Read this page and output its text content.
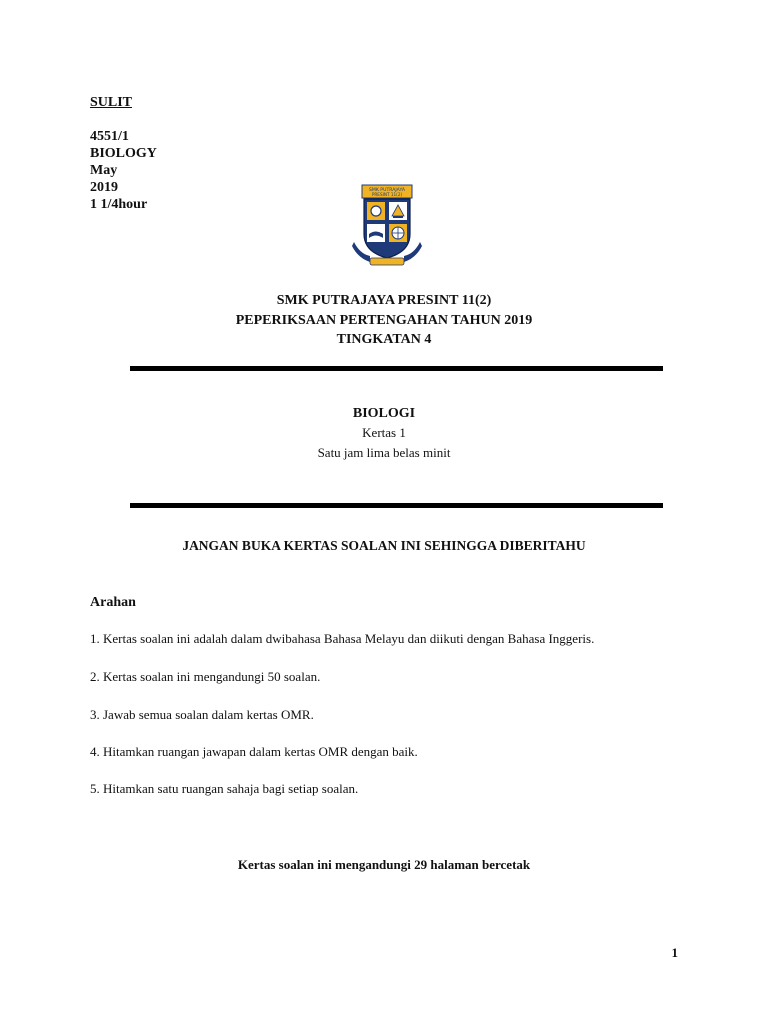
SULIT
4551/1
BIOLOGY
May
2019
1 1/4hour
SMK PUTRAJAYA
PRESINT 11(2)
SMK PUTRAJAYA PRESINT 11(2)
PEPERIKSAAN PERTENGAHAN TAHUN 2019
TINGKATAN 4
BIOLOGI
Kertas 1
Satu jam lima belas minit
JANGAN BUKA KERTAS SOALAN INI SEHINGGA DIBERITAHU
Arahan
1. Kertas soalan ini adalah dalam dwibahasa Bahasa Melayu dan diikuti dengan Bahasa Inggeris.
2. Kertas soalan ini mengandungi 50 soalan.
3. Jawab semua soalan dalam kertas OMR.
4. Hitamkan ruangan jawapan dalam kertas OMR dengan baik.
5. Hitamkan satu ruangan sahaja bagi setiap soalan.
Kertas soalan ini mengandungi 29 halaman bercetak
1
